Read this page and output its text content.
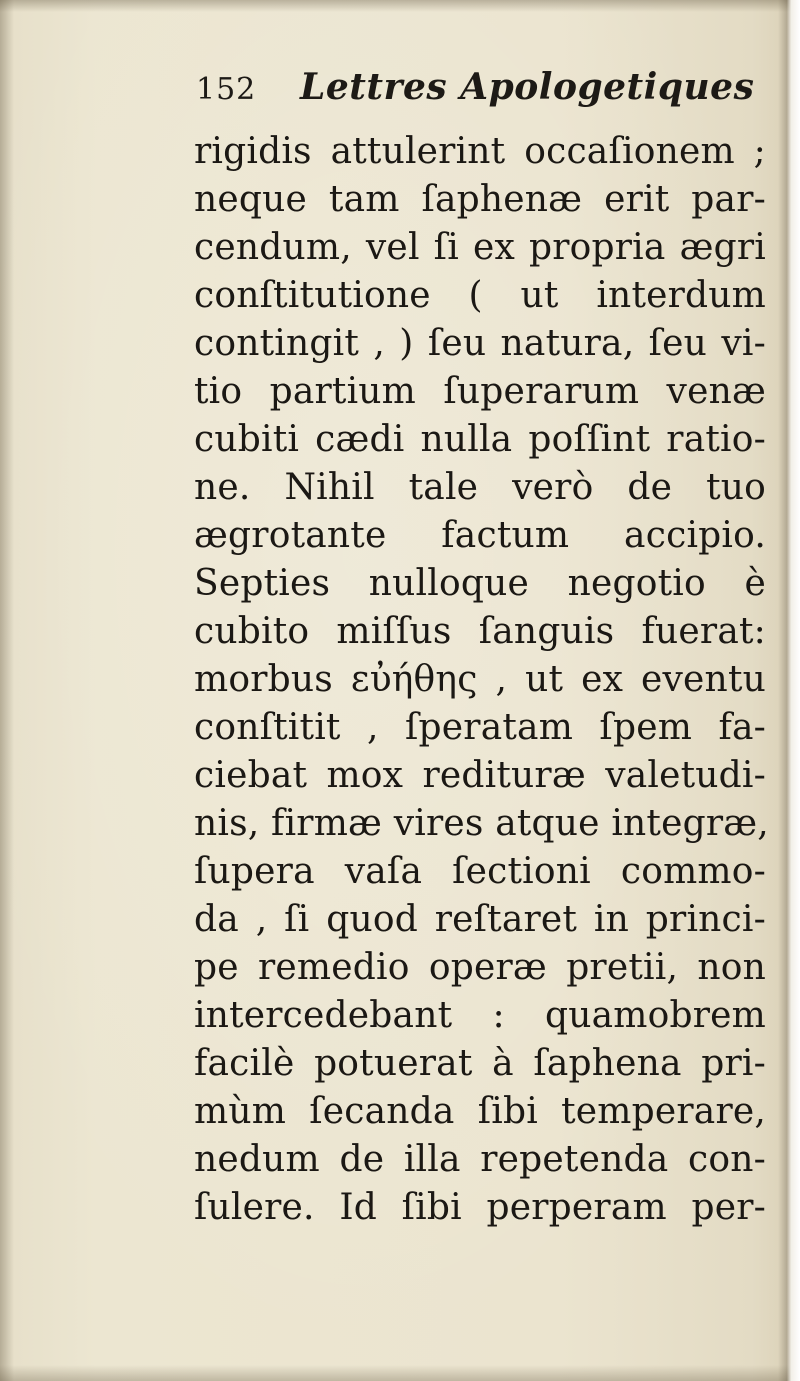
152 Lettres Apologetiques
rigidis attulerint occaſionem ;
neque tam ſaphenæ erit par-
cendum, vel ſi ex propria ægri
conſtitutione ( ut interdum
contingit , ) ſeu natura, ſeu vi-
tio partium ſuperarum venæ
cubiti cædi nulla poſſint ratio-
ne. Nihil tale verò de tuo
ægrotante factum accipio.
Septies nulloque negotio è
cubito miſſus ſanguis fuerat:
morbus εὐήθης , ut ex eventu
conſtitit , ſperatam ſpem fa-
ciebat mox redituræ valetudi-
nis, firmæ vires atque integræ,
ſupera vaſa ſectioni commo-
da , ſi quod reſtaret in princi-
pe remedio operæ pretii, non
intercedebant : quamobrem
facilè potuerat à ſaphena pri-
mùm ſecanda ſibi temperare,
nedum de illa repetenda con-
ſulere. Id ſibi perperam per-
